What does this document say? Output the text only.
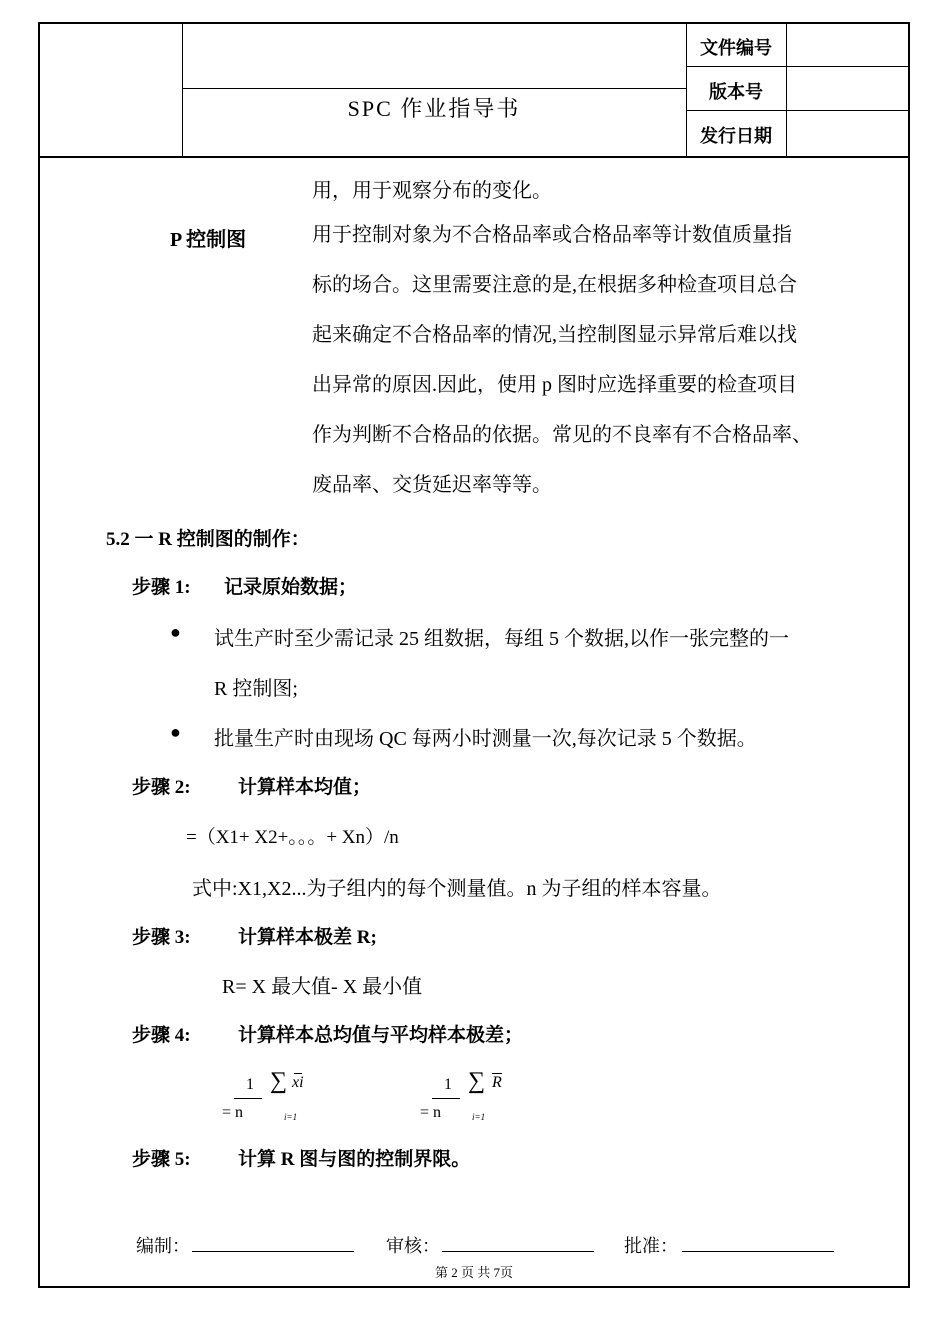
SPC 作业指导书
文件编号
版本号
发行日期
用，用于观察分布的变化。
P 控制图	用于控制对象为不合格品率或合格品率等计数值质量指
标的场合。这里需要注意的是,在根据多种检查项目总合
起来确定不合格品率的情况,当控制图显示异常后难以找
出异常的原因.因此，使用 p 图时应选择重要的检查项目
作为判断不合格品的依据。常见的不良率有不合格品率、
废品率、交货延迟率等等。
5.2 一 R 控制图的制作：
步骤 1: 记录原始数据；
● 试生产时至少需记录 25 组数据，每组 5 个数据,以作一张完整的一
R 控制图;
● 批量生产时由现场 QC 每两小时测量一次,每次记录 5 个数据。
步骤 2: 计算样本均值；
=（X1+ X2+。。。+ Xn）/n
式中:X1,X2...为子组内的每个测量值。n 为子组的样本容量。
步骤 3: 计算样本极差 R;
R= X 最大值- X 最小值
步骤 4: 计算样本总均值与平均样本极差；
1
= n
∑ xi
i=1
1
= n
∑ R
i=1
步骤 5: 计算 R 图与图的控制界限。
编制：	审核：	批准：
第 2 页 共 7页
